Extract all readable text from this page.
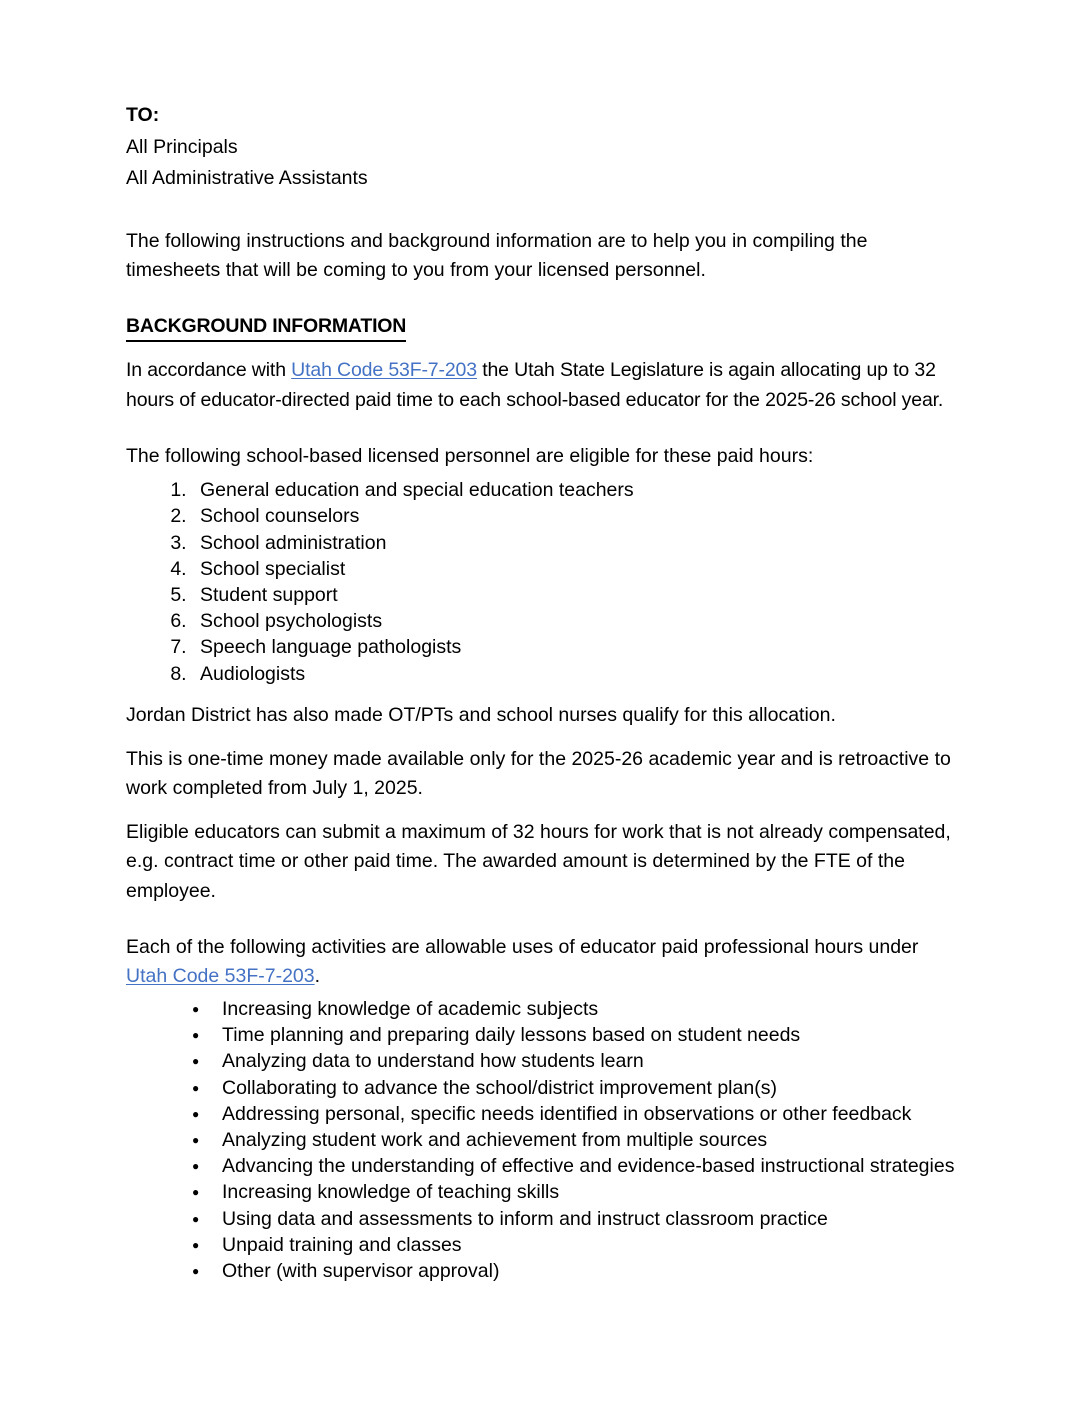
TO:
All Principals
All Administrative Assistants

The following instructions and background information are to help you in compiling the timesheets that will be coming to you from your licensed personnel.

BACKGROUND INFORMATION

In accordance with Utah Code 53F-7-203 the Utah State Legislature is again allocating up to 32 hours of educator-directed paid time to each school-based educator for the 2025-26 school year.

The following school-based licensed personnel are eligible for these paid hours:

1. General education and special education teachers
2. School counselors
3. School administration
4. School specialist
5. Student support
6. School psychologists
7. Speech language pathologists
8. Audiologists

Jordan District has also made OT/PTs and school nurses qualify for this allocation.

This is one-time money made available only for the 2025-26 academic year and is retroactive to work completed from July 1, 2025.

Eligible educators can submit a maximum of 32 hours for work that is not already compensated, e.g. contract time or other paid time. The awarded amount is determined by the FTE of the employee.

Each of the following activities are allowable uses of educator paid professional hours under Utah Code 53F-7-203.

● Increasing knowledge of academic subjects
● Time planning and preparing daily lessons based on student needs
● Analyzing data to understand how students learn
● Collaborating to advance the school/district improvement plan(s)
● Addressing personal, specific needs identified in observations or other feedback
● Analyzing student work and achievement from multiple sources
● Advancing the understanding of effective and evidence-based instructional strategies
● Increasing knowledge of teaching skills
● Using data and assessments to inform and instruct classroom practice
● Unpaid training and classes
● Other (with supervisor approval)
